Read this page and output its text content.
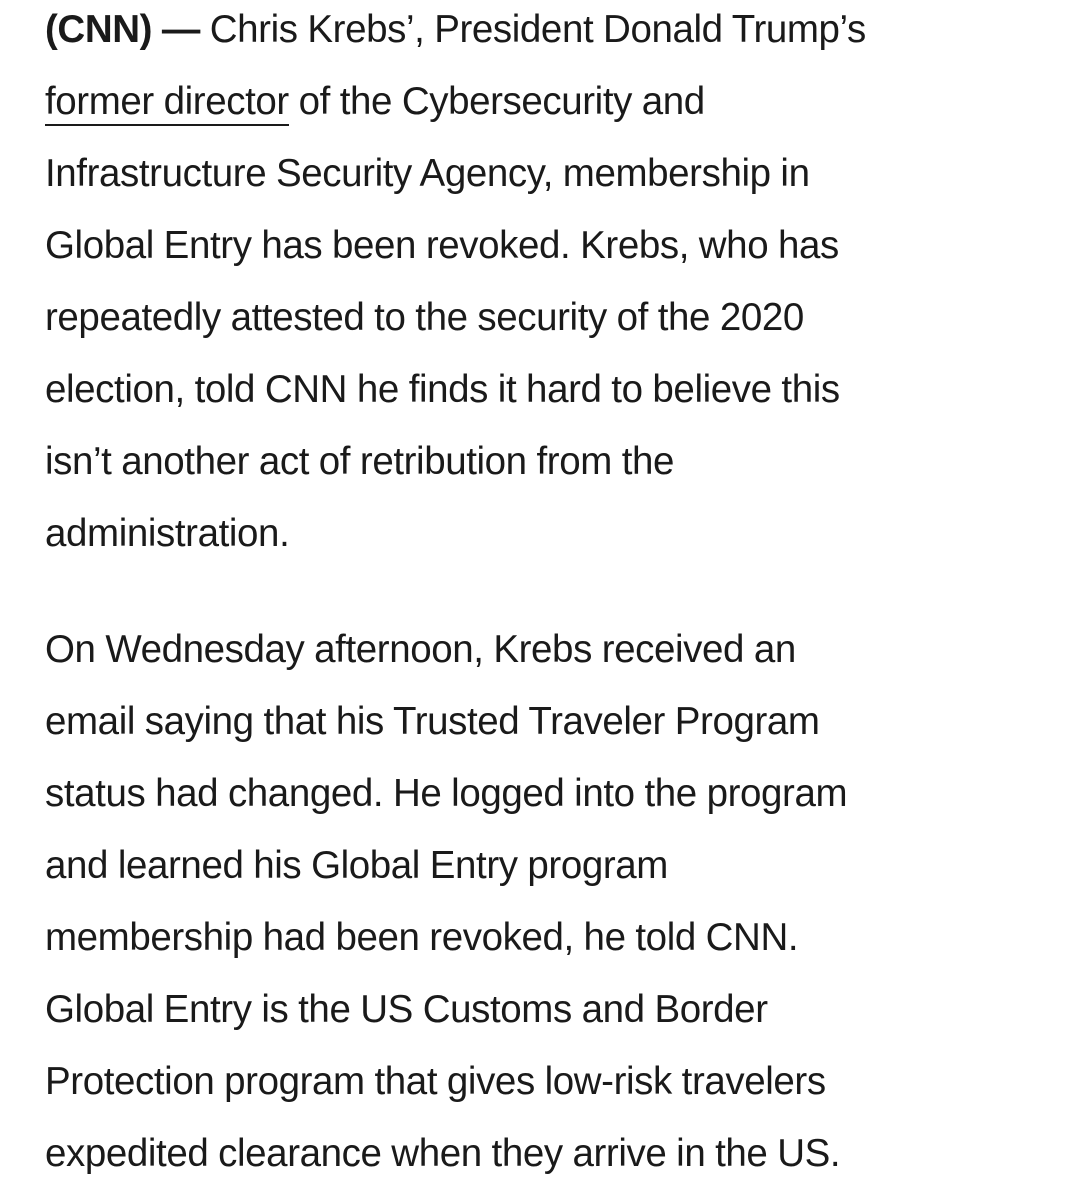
(CNN) — Chris Krebs’, President Donald Trump’s
former director of the Cybersecurity and
Infrastructure Security Agency, membership in
Global Entry has been revoked. Krebs, who has
repeatedly attested to the security of the 2020
election, told CNN he finds it hard to believe this
isn’t another act of retribution from the
administration.
On Wednesday afternoon, Krebs received an
email saying that his Trusted Traveler Program
status had changed. He logged into the program
and learned his Global Entry program
membership had been revoked, he told CNN.
Global Entry is the US Customs and Border
Protection program that gives low-risk travelers
expedited clearance when they arrive in the US.
